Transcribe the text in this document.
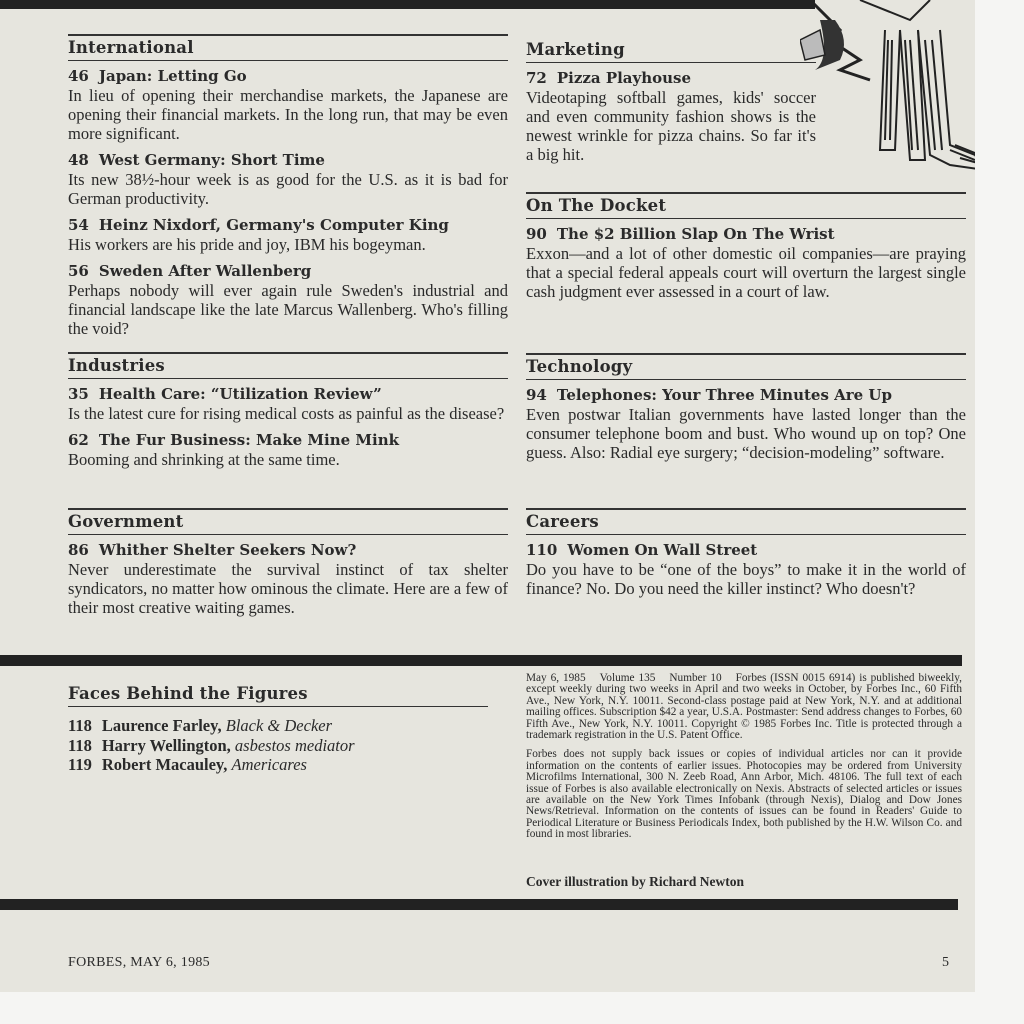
International
46 Japan: Letting Go
In lieu of opening their merchandise markets, the Japanese are opening their financial markets. In the long run, that may be even more significant.
48 West Germany: Short Time
Its new 38½-hour week is as good for the U.S. as it is bad for German productivity.
54 Heinz Nixdorf, Germany's Computer King
His workers are his pride and joy, IBM his bogeyman.
56 Sweden After Wallenberg
Perhaps nobody will ever again rule Sweden's industrial and financial landscape like the late Marcus Wallenberg. Who's filling the void?
Industries
35 Health Care: “Utilization Review”
Is the latest cure for rising medical costs as painful as the disease?
62 The Fur Business: Make Mine Mink
Booming and shrinking at the same time.
Government
86 Whither Shelter Seekers Now?
Never underestimate the survival instinct of tax shelter syndicators, no matter how ominous the climate. Here are a few of their most creative waiting games.
Marketing
72 Pizza Playhouse
Videotaping softball games, kids' soccer and even community fashion shows is the newest wrinkle for pizza chains. So far it's a big hit.
On The Docket
90 The $2 Billion Slap On The Wrist
Exxon—and a lot of other domestic oil companies—are praying that a special federal appeals court will overturn the largest single cash judgment ever assessed in a court of law.
Technology
94 Telephones: Your Three Minutes Are Up
Even postwar Italian governments have lasted longer than the consumer telephone boom and bust. Who wound up on top? One guess. Also: Radial eye surgery; “decision-modeling” software.
Careers
110 Women On Wall Street
Do you have to be “one of the boys” to make it in the world of finance? No. Do you need the killer instinct? Who doesn't?
Faces Behind the Figures
118 Laurence Farley, Black & Decker
118 Harry Wellington, asbestos mediator
119 Robert Macauley, Americares

May 6, 1985 Volume 135 Number 10 Forbes (ISSN 0015 6914) is published biweekly, except weekly during two weeks in April and two weeks in October, by Forbes Inc., 60 Fifth Ave., New York, N.Y. 10011. Second-class postage paid at New York, N.Y. and at additional mailing offices. Subscription $42 a year, U.S.A. Postmaster: Send address changes to Forbes, 60 Fifth Ave., New York, N.Y. 10011. Copyright © 1985 Forbes Inc. Title is protected through a trademark registration in the U.S. Patent Office.

Forbes does not supply back issues or copies of individual articles nor can it provide information on the contents of earlier issues. Photocopies may be ordered from University Microfilms International, 300 N. Zeeb Road, Ann Arbor, Mich. 48106. The full text of each issue of Forbes is also available electronically on Nexis. Abstracts of selected articles or issues are available on the New York Times Infobank (through Nexis), Dialog and Dow Jones News/Retrieval. Information on the contents of issues can be found in Readers' Guide to Periodical Literature or Business Periodicals Index, both published by the H.W. Wilson Co. and found in most libraries.

Cover illustration by Richard Newton
FORBES, MAY 6, 1985	5
